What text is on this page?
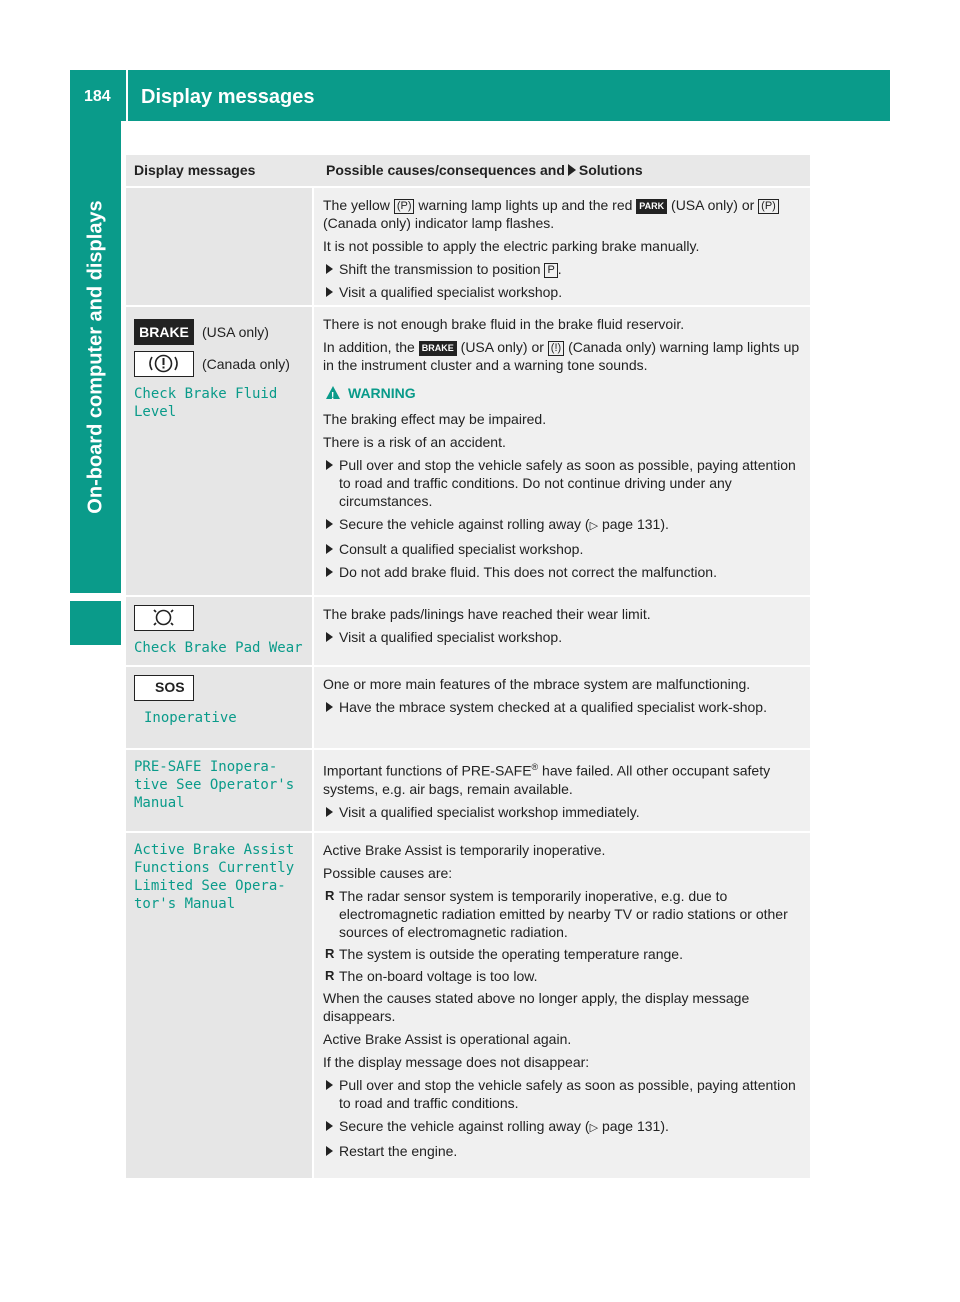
184 Display messages
On-board computer and displays
Display messages	Possible causes/consequences and Solutions

The yellow (P) warning lamp lights up and the red PARK (USA only) or (P) (Canada only) indicator lamp flashes.

It is not possible to apply the electric parking brake manually.

Shift the transmission to position P .
Visit a qualified specialist workshop.
BRAKE (USA only)
(Canada only)
Check Brake Fluid
Level

There is not enough brake fluid in the brake fluid reservoir.

In addition, the BRAKE (USA only) or (!) (Canada only) warning lamp lights up in the instrument cluster and a warning tone sounds.

!WARNING

The braking effect may be impaired.

There is a risk of an accident.

Pull over and stop the vehicle safely as soon as possible, paying attention to road and traffic conditions. Do not continue driving under any circumstances.
Secure the vehicle against rolling away (▷ page 131).
Consult a qualified specialist workshop.
Do not add brake fluid. This does not correct the malfunction.
Check Brake Pad Wear

The brake pads/linings have reached their wear limit.

Visit a qualified specialist workshop.
SOS
Inoperative

One or more main features of the mbrace system are malfunctioning.

Have the mbrace system checked at a qualified specialist work-shop.
PRE-SAFE Inopera‑
tive See Operator's
Manual

Important functions of PRE-SAFE® have failed. All other occupant safety systems, e.g. air bags, remain available.

Visit a qualified specialist workshop immediately.
Active Brake Assist
Functions Currently
Limited See Opera‑
tor's Manual

Active Brake Assist is temporarily inoperative.

Possible causes are:

R The radar sensor system is temporarily inoperative, e.g. due to electromagnetic radiation emitted by nearby TV or radio stations or other sources of electromagnetic radiation.
R The system is outside the operating temperature range.
R The on-board voltage is too low.

When the causes stated above no longer apply, the display message disappears.

Active Brake Assist is operational again.

If the display message does not disappear:

Pull over and stop the vehicle safely as soon as possible, paying attention to road and traffic conditions.
Secure the vehicle against rolling away (▷ page 131).
Restart the engine.
